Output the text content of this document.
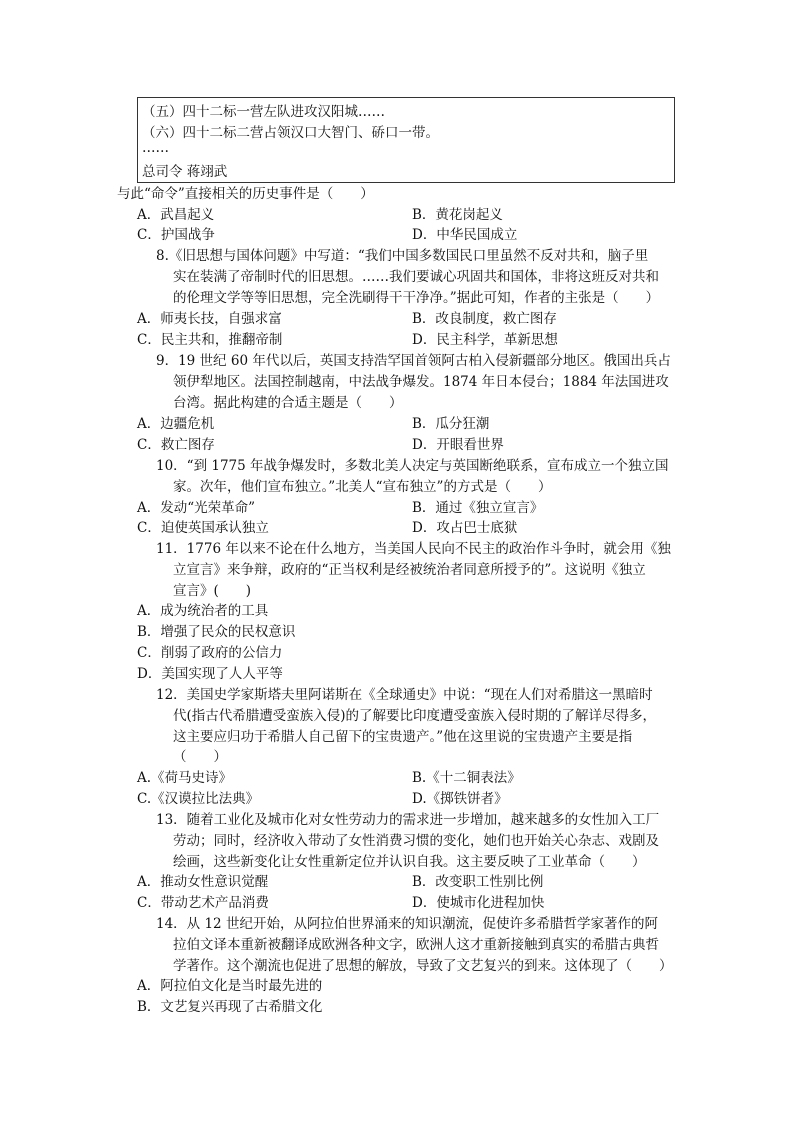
（五）四十二标一营左队进攻汉阳城……
（六）四十二标二营占领汉口大智门、硚口一带。
……
总司令 蒋翊武
与此“命令”直接相关的历史事件是（　　）
A．武昌起义	B．黄花岗起义
C．护国战争	D．中华民国成立
8.《旧思想与国体问题》中写道：“我们中国多数国民口里虽然不反对共和，脑子里
实在装满了帝制时代的旧思想。……我们要诚心巩固共和国体，非将这班反对共和
的伦理文学等等旧思想，完全洗刷得干干净净。”据此可知，作者的主张是（　　）
A．师夷长技，自强求富	B．改良制度，救亡图存
C．民主共和，推翻帝制	D．民主科学，革新思想
9．19 世纪 60 年代以后，英国支持浩罕国首领阿古柏入侵新疆部分地区。俄国出兵占
领伊犁地区。法国控制越南，中法战争爆发。1874 年日本侵台；1884 年法国进攻
台湾。据此构建的合适主题是（　　）
A．边疆危机	B．瓜分狂潮
C．救亡图存	D．开眼看世界
10．“到 1775 年战争爆发时，多数北美人决定与英国断绝联系，宣布成立一个独立国
家。次年，他们宣布独立。”北美人“宣布独立”的方式是（　　）
A．发动“光荣革命”	B．通过《独立宣言》
C．迫使英国承认独立	D．攻占巴士底狱
11．1776 年以来不论在什么地方，当美国人民向不民主的政治作斗争时，就会用《独
立宣言》来争辩，政府的“正当权利是经被统治者同意所授予的”。这说明《独立
宣言》(　　)
A．成为统治者的工具
B．增强了民众的民权意识
C．削弱了政府的公信力
D．美国实现了人人平等
12．美国史学家斯塔夫里阿诺斯在《全球通史》中说：“现在人们对希腊这一黑暗时
代(指古代希腊遭受蛮族入侵)的了解要比印度遭受蛮族入侵时期的了解详尽得多，
这主要应归功于希腊人自己留下的宝贵遗产。”他在这里说的宝贵遗产主要是指
（　　）
A.《荷马史诗》	B.《十二铜表法》
C.《汉谟拉比法典》	D.《掷铁饼者》
13．随着工业化及城市化对女性劳动力的需求进一步增加，越来越多的女性加入工厂
劳动；同时，经济收入带动了女性消费习惯的变化，她们也开始关心杂志、戏剧及
绘画，这些新变化让女性重新定位并认识自我。这主要反映了工业革命（　　）
A．推动女性意识觉醒	B．改变职工性别比例
C．带动艺术产品消费	D．使城市化进程加快
14．从 12 世纪开始，从阿拉伯世界涌来的知识潮流，促使许多希腊哲学家著作的阿
拉伯文译本重新被翻译成欧洲各种文字，欧洲人这才重新接触到真实的希腊古典哲
学著作。这个潮流也促进了思想的解放，导致了文艺复兴的到来。这体现了（　　）
A．阿拉伯文化是当时最先进的
B．文艺复兴再现了古希腊文化
